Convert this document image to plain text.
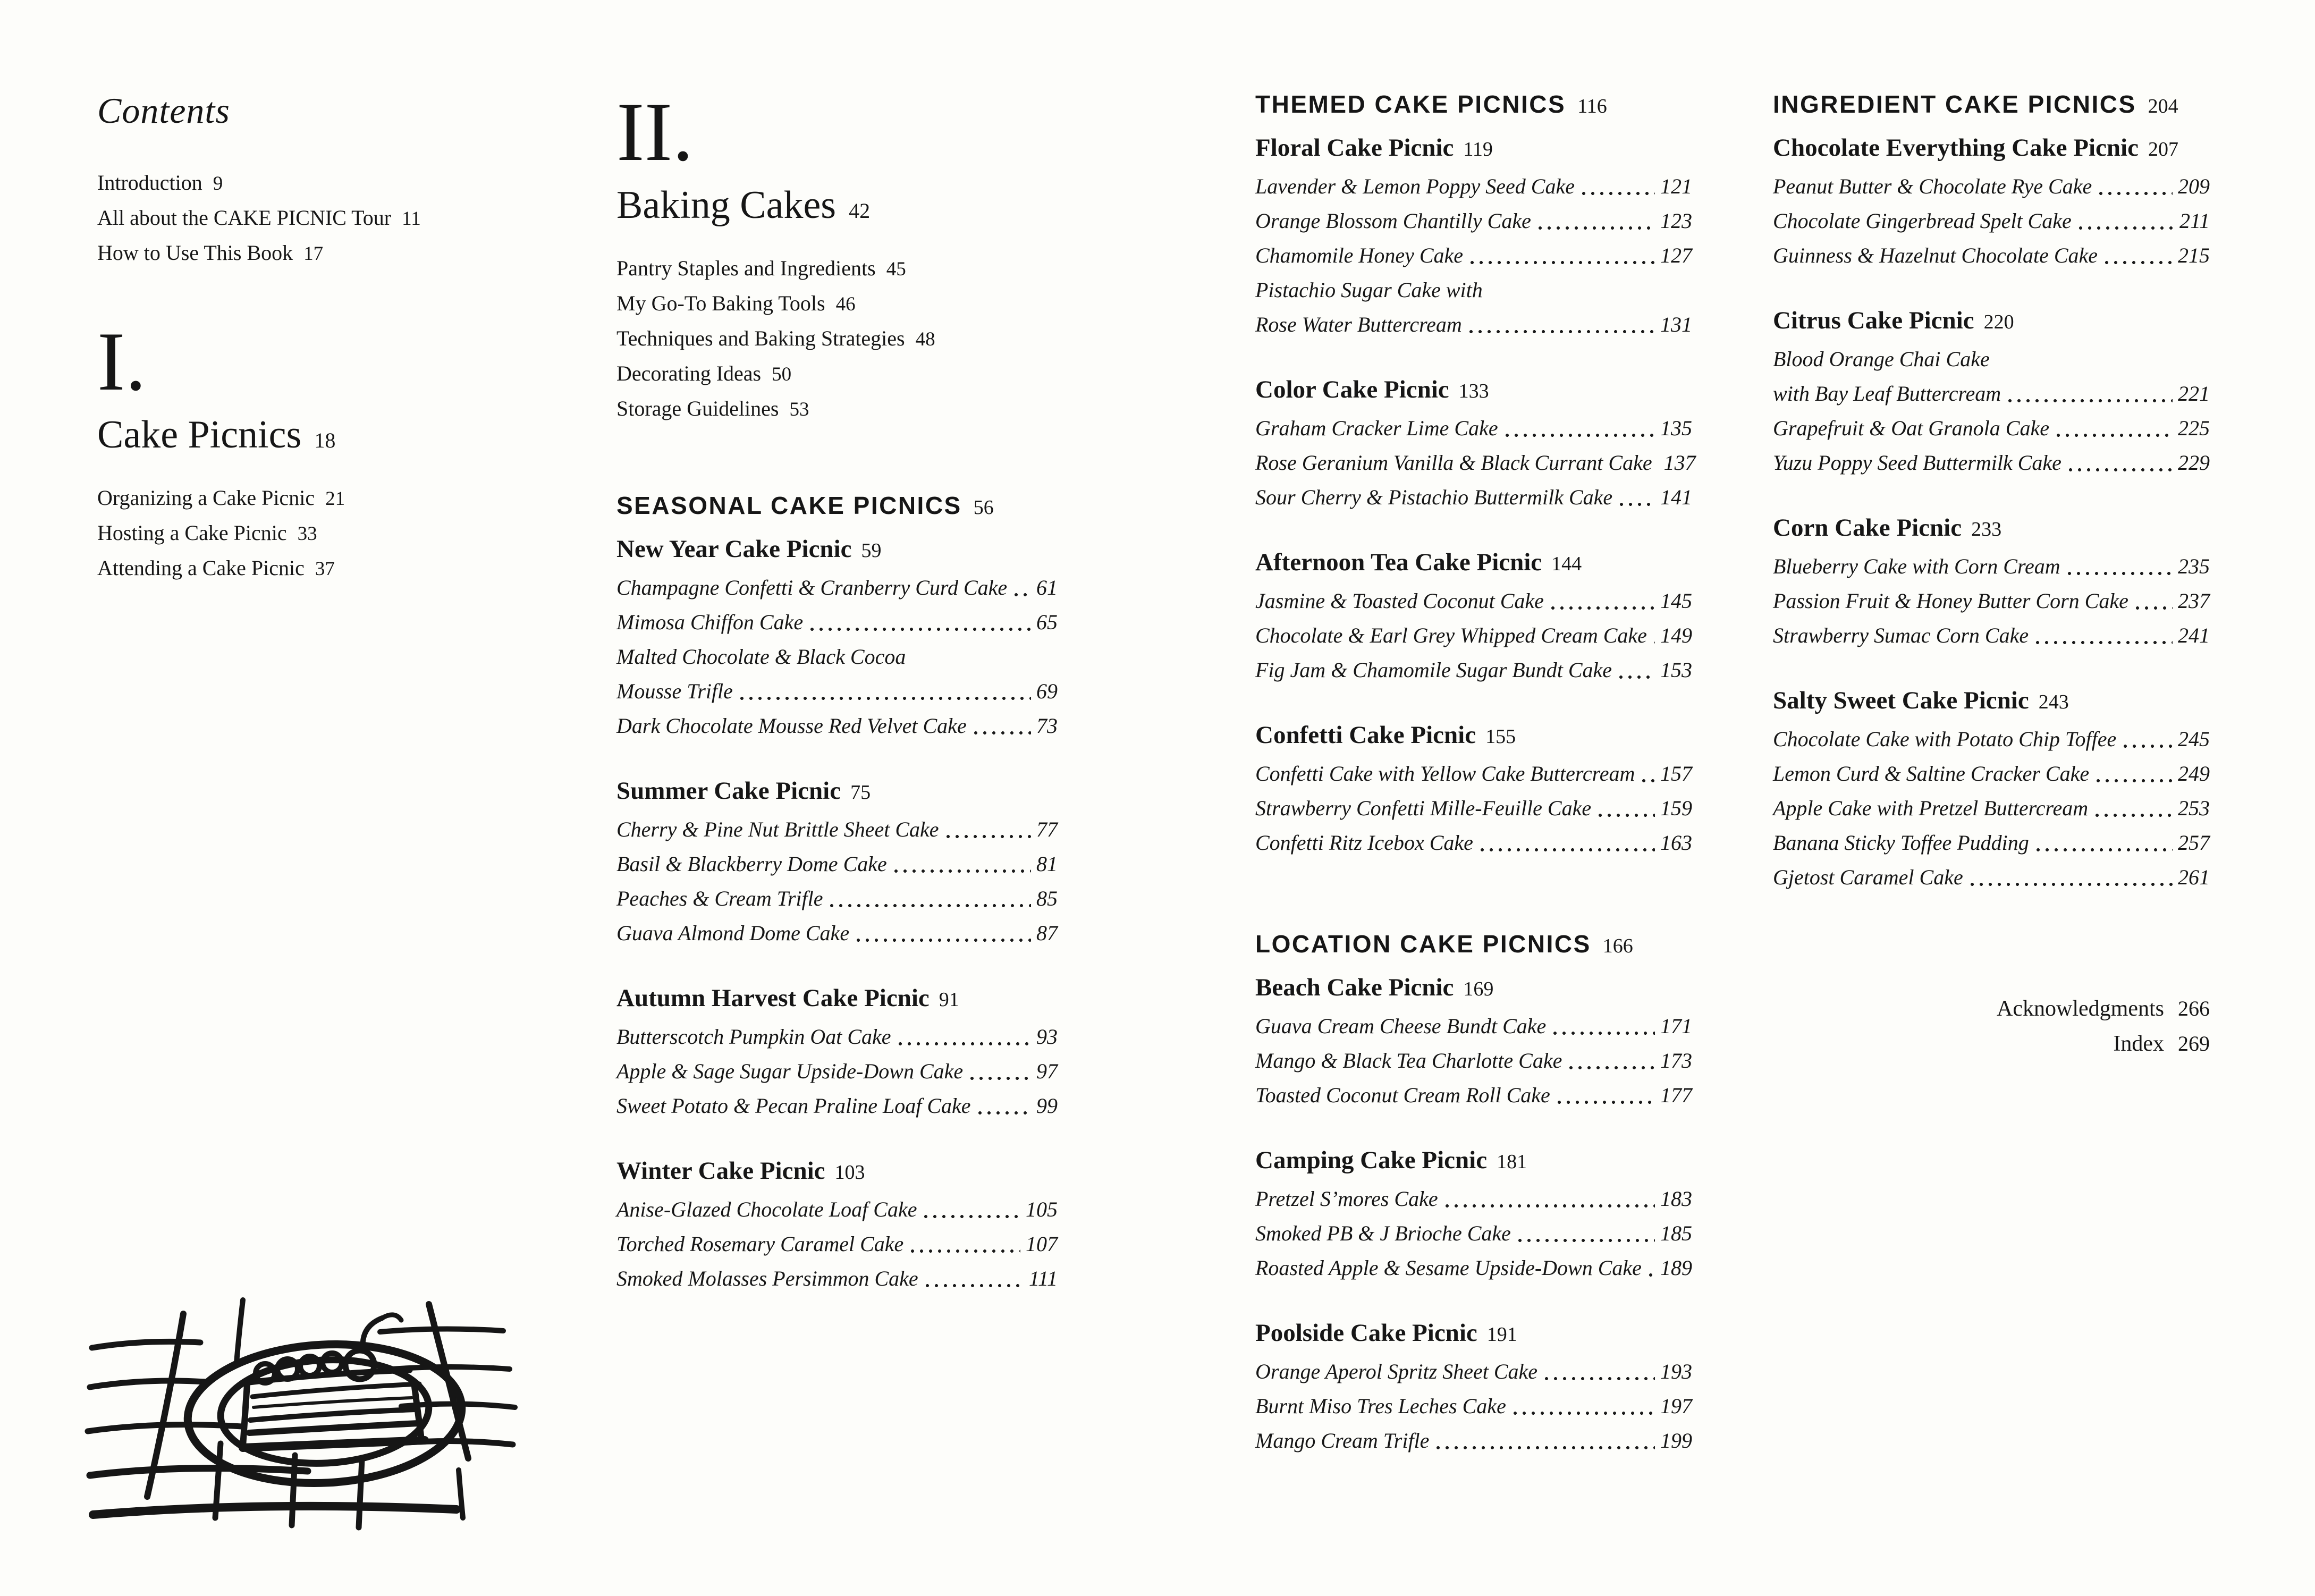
Contents
Introduction 9
All about the CAKE PICNIC Tour 11
How to Use This Book 17
I.
Cake Picnics 18
Organizing a Cake Picnic 21
Hosting a Cake Picnic 33
Attending a Cake Picnic 37
II.
Baking Cakes 42
Pantry Staples and Ingredients 45
My Go-To Baking Tools 46
Techniques and Baking Strategies 48
Decorating Ideas 50
Storage Guidelines 53
SEASONAL CAKE PICNICS 56
New Year Cake Picnic 59
Champagne Confetti & Cranberry Curd Cake 61
Mimosa Chiffon Cake	65
Malted Chocolate & Black Cocoa
Mousse Trifle	69
Dark Chocolate Mousse Red Velvet Cake	73
Summer Cake Picnic 75
Cherry & Pine Nut Brittle Sheet Cake	77
Basil & Blackberry Dome Cake	81
Peaches & Cream Trifle	85
Guava Almond Dome Cake	87
Autumn Harvest Cake Picnic 91
Butterscotch Pumpkin Oat Cake	93
Apple & Sage Sugar Upside-Down Cake	97
Sweet Potato & Pecan Praline Loaf Cake	99
Winter Cake Picnic 103
Anise-Glazed Chocolate Loaf Cake	105
Torched Rosemary Caramel Cake	107
Smoked Molasses Persimmon Cake	111
THEMED CAKE PICNICS 116
Floral Cake Picnic 119
Lavender & Lemon Poppy Seed Cake	121
Orange Blossom Chantilly Cake	123
Chamomile Honey Cake	127
Pistachio Sugar Cake with
Rose Water Buttercream	131
Color Cake Picnic 133
Graham Cracker Lime Cake	135
Rose Geranium Vanilla & Black Currant Cake 137
Sour Cherry & Pistachio Buttermilk Cake 141
Afternoon Tea Cake Picnic 144
Jasmine & Toasted Coconut Cake	145
Chocolate & Earl Grey Whipped Cream Cake 149
Fig Jam & Chamomile Sugar Bundt Cake 153
Confetti Cake Picnic 155
Confetti Cake with Yellow Cake Buttercream 157
Strawberry Confetti Mille-Feuille Cake	159
Confetti Ritz Icebox Cake	163
LOCATION CAKE PICNICS 166
Beach Cake Picnic 169
Guava Cream Cheese Bundt Cake	171
Mango & Black Tea Charlotte Cake	173
Toasted Coconut Cream Roll Cake	177
Camping Cake Picnic 181
Pretzel S’mores Cake	183
Smoked PB & J Brioche Cake	185
Roasted Apple & Sesame Upside-Down Cake 189
Poolside Cake Picnic 191
Orange Aperol Spritz Sheet Cake	193
Burnt Miso Tres Leches Cake	197
Mango Cream Trifle	199
INGREDIENT CAKE PICNICS 204
Chocolate Everything Cake Picnic 207
Peanut Butter & Chocolate Rye Cake	209
Chocolate Gingerbread Spelt Cake	211
Guinness & Hazelnut Chocolate Cake	215
Citrus Cake Picnic 220
Blood Orange Chai Cake
with Bay Leaf Buttercream	221
Grapefruit & Oat Granola Cake	225
Yuzu Poppy Seed Buttermilk Cake	229
Corn Cake Picnic 233
Blueberry Cake with Corn Cream	235
Passion Fruit & Honey Butter Corn Cake 237
Strawberry Sumac Corn Cake	241
Salty Sweet Cake Picnic 243
Chocolate Cake with Potato Chip Toffee	245
Lemon Curd & Saltine Cracker Cake	249
Apple Cake with Pretzel Buttercream	253
Banana Sticky Toffee Pudding	257
Gjetost Caramel Cake	261
Acknowledgments 266
Index 269
